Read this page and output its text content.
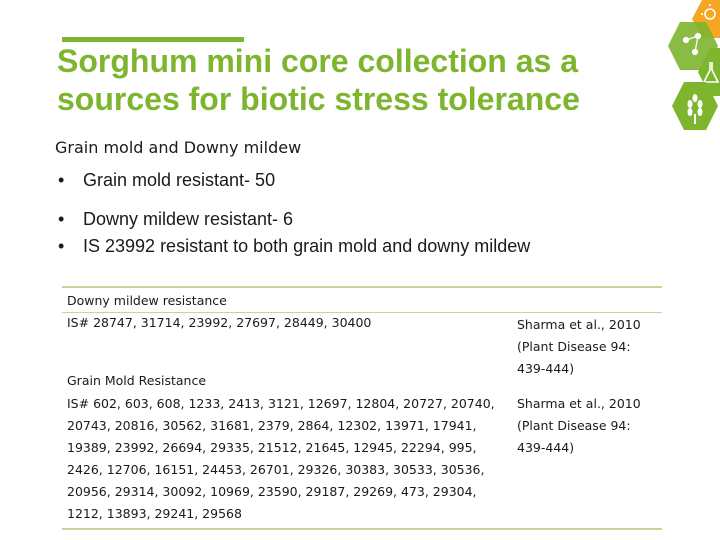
Sorghum mini core collection as a
sources for biotic stress tolerance
Grain mold and Downy mildew
• Grain mold resistant- 50
• Downy mildew resistant- 6
• IS 23992 resistant to both grain mold and downy mildew
Downy mildew resistance
IS# 28747, 31714, 23992, 27697, 28449, 30400	Sharma et al., 2010 (Plant Disease 94: 439-444)
Grain Mold Resistance
IS# 602, 603, 608, 1233, 2413, 3121, 12697, 12804, 20727, 20740, 20743, 20816, 30562, 31681, 2379, 2864, 12302, 13971, 17941, 19389, 23992, 26694, 29335, 21512, 21645, 12945, 22294, 995, 2426, 12706, 16151, 24453, 26701, 29326, 30383, 30533, 30536, 20956, 29314, 30092, 10969, 23590, 29187, 29269, 473, 29304, 1212, 13893, 29241, 29568
Sharma et al., 2010 (Plant Disease 94: 439-444)
